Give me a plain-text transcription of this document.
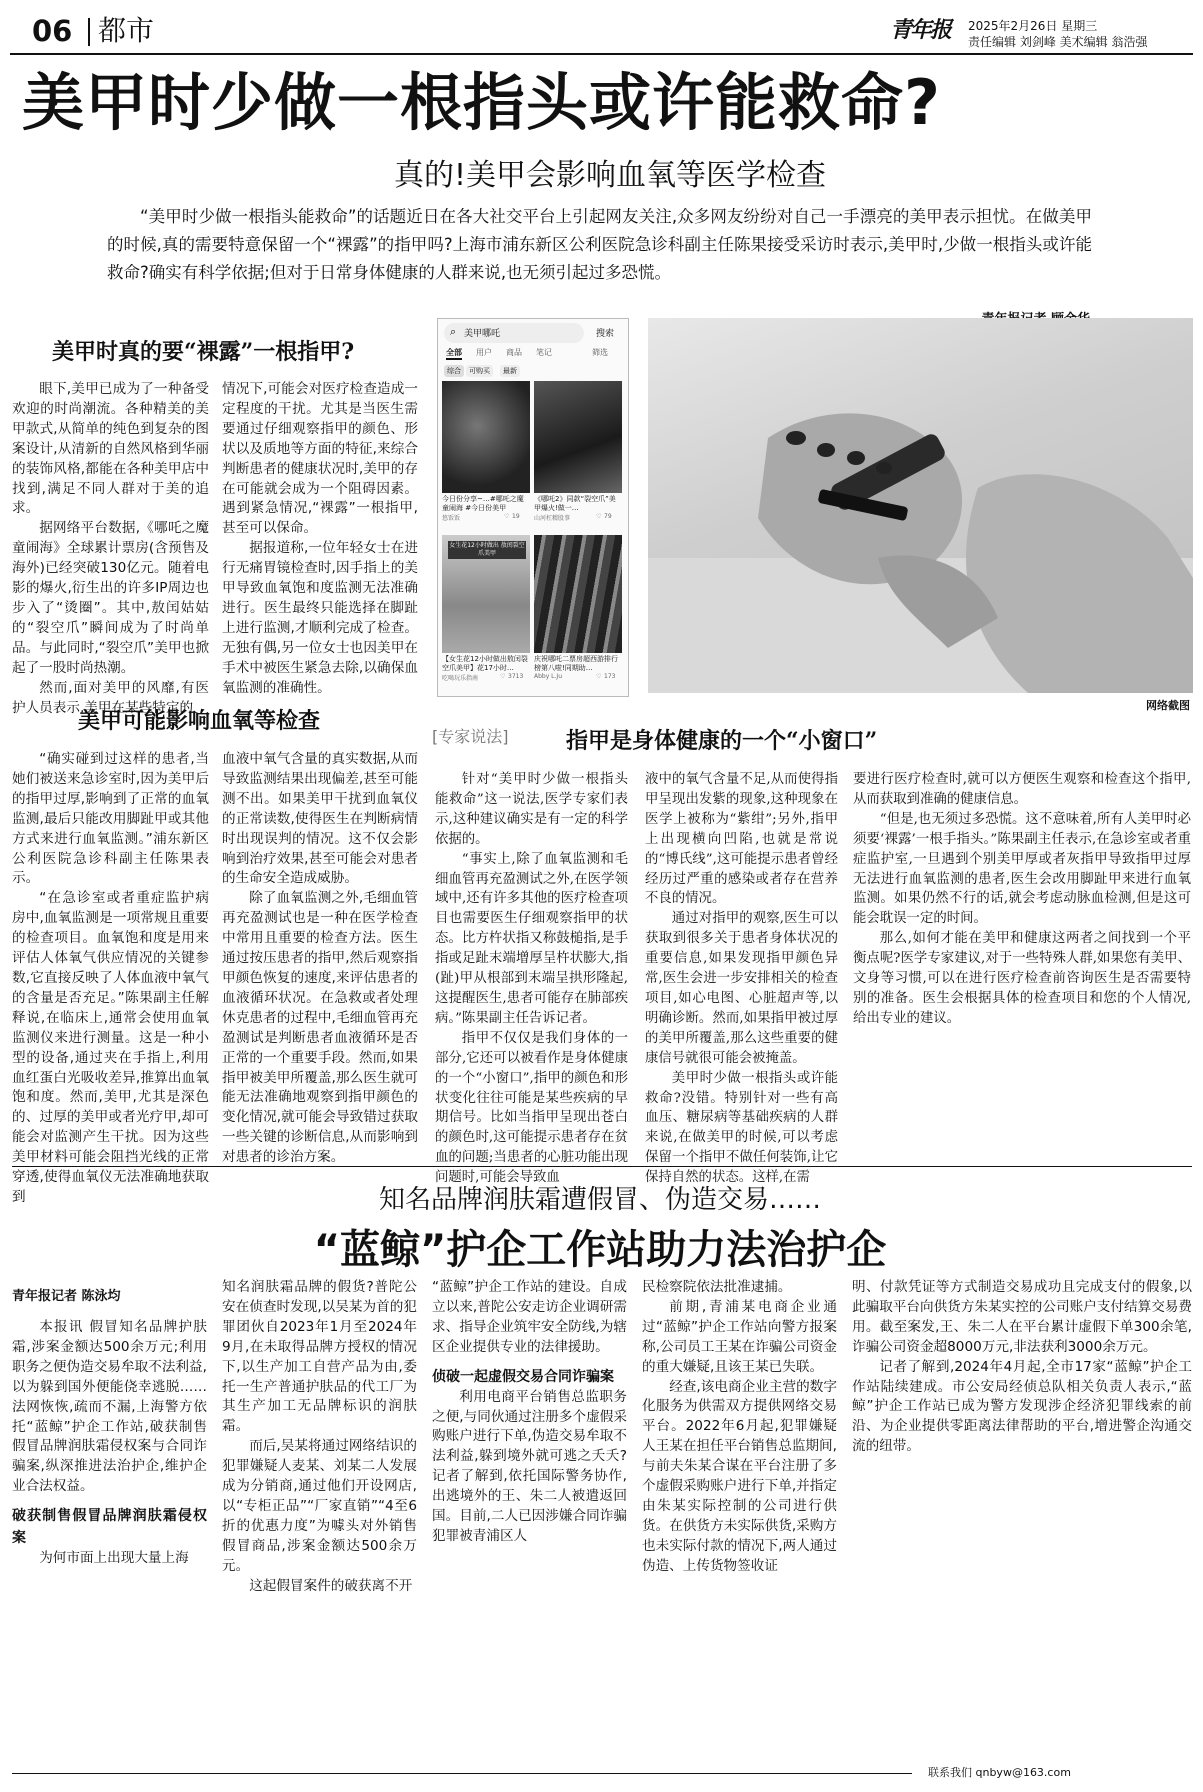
06 都市	青年报 2025年2月26日 星期三
责任编辑 刘剑峰 美术编辑 翁浩强
美甲时少做一根指头或许能救命?
真的!美甲会影响血氧等医学检查

“美甲时少做一根指头能救命”的话题近日在各大社交平台上引起网友关注,众多网友纷纷对自己一手漂亮的美甲表示担忧。在做美甲的时候,真的需要特意保留一个“裸露”的指甲吗?上海市浦东新区公利医院急诊科副主任陈果接受采访时表示,美甲时,少做一根指头或许能救命?确实有科学依据;但对于日常身体健康的人群来说,也无须引起过多恐慌。

美甲时真的要“裸露”一根指甲?

眼下,美甲已成为了一种备受欢迎的时尚潮流。各种精美的美甲款式,从简单的纯色到复杂的图案设计,从清新的自然风格到华丽的装饰风格,都能在各种美甲店中找到,满足不同人群对于美的追求。

据网络平台数据,《哪吒之魔童闹海》全球累计票房(含预售及海外)已经突破130亿元。随着电影的爆火,衍生出的许多IP周边也步入了“烫圈”。其中,敖闰姑姑的“裂空爪”瞬间成为了时尚单品。与此同时,“裂空爪”美甲也掀起了一股时尚热潮。

然而,面对美甲的风靡,有医护人员表示,美甲在某些特定的

情况下,可能会对医疗检查造成一定程度的干扰。尤其是当医生需要通过仔细观察指甲的颜色、形状以及质地等方面的特征,来综合判断患者的健康状况时,美甲的存在可能就会成为一个阻碍因素。遇到紧急情况,“裸露”一根指甲,甚至可以保命。

据报道称,一位年轻女士在进行无痛胃镜检查时,因手指上的美甲导致血氧饱和度监测无法准确进行。医生最终只能选择在脚趾上进行监测,才顺利完成了检查。无独有偶,另一位女士也因美甲在手术中被医生紧急去除,以确保血氧监测的准确性。

⌕ 美甲哪吒	搜索
全部 用户 商品 笔记	筛选
综合	可购买	最新
今日份分享~…#哪吒之魔童闹海 #今日份美甲
悠饭饭	♡ 19
《哪吒2》同款“裂空爪”美甲爆火!做一…
山河杠精股事	♡ 79
女生花12小时做出 敖闰裂空爪美甲
【女生花12小时做出敖闰裂空爪美甲】花17小时…
吃喝玩乐指南	♡ 3713
庆祝哪吒二票房超西游排行榜第八啦!同期助…
Abby L.Ju	♡ 173
网络截图
美甲可能影响血氧等检查

“确实碰到过这样的患者,当她们被送来急诊室时,因为美甲后的指甲过厚,影响到了正常的血氧监测,最后只能改用脚趾甲或其他方式来进行血氧监测。”浦东新区公利医院急诊科副主任陈果表示。

“在急诊室或者重症监护病房中,血氧监测是一项常规且重要的检查项目。血氧饱和度是用来评估人体氧气供应情况的关键参数,它直接反映了人体血液中氧气的含量是否充足。”陈果副主任解释说,在临床上,通常会使用血氧监测仪来进行测量。这是一种小型的设备,通过夹在手指上,利用血红蛋白光吸收差异,推算出血氧饱和度。然而,美甲,尤其是深色的、过厚的美甲或者光疗甲,却可能会对监测产生干扰。因为这些美甲材料可能会阻挡光线的正常穿透,使得血氧仪无法准确地获取到

血液中氧气含量的真实数据,从而导致监测结果出现偏差,甚至可能测不出。如果美甲干扰到血氧仪的正常读数,使得医生在判断病情时出现误判的情况。这不仅会影响到治疗效果,甚至可能会对患者的生命安全造成威胁。

除了血氧监测之外,毛细血管再充盈测试也是一种在医学检查中常用且重要的检查方法。医生通过按压患者的指甲,然后观察指甲颜色恢复的速度,来评估患者的血液循环状况。在急救或者处理休克患者的过程中,毛细血管再充盈测试是判断患者血液循环是否正常的一个重要手段。然而,如果指甲被美甲所覆盖,那么医生就可能无法准确地观察到指甲颜色的变化情况,就可能会导致错过获取一些关键的诊断信息,从而影响到对患者的诊治方案。

[专家说法]	指甲是身体健康的一个“小窗口”

针对“美甲时少做一根指头能救命”这一说法,医学专家们表示,这种建议确实是有一定的科学依据的。

“事实上,除了血氧监测和毛细血管再充盈测试之外,在医学领域中,还有许多其他的医疗检查项目也需要医生仔细观察指甲的状态。比方杵状指又称鼓槌指,是手指或足趾末端增厚呈杵状膨大,指(趾)甲从根部到末端呈拱形隆起,这提醒医生,患者可能存在肺部疾病。”陈果副主任告诉记者。

指甲不仅仅是我们身体的一部分,它还可以被看作是身体健康的一个“小窗口”,指甲的颜色和形状变化往往可能是某些疾病的早期信号。比如当指甲呈现出苍白的颜色时,这可能提示患者存在贫血的问题;当患者的心脏功能出现问题时,可能会导致血

液中的氧气含量不足,从而使得指甲呈现出发紫的现象,这种现象在医学上被称为“紫绀”;另外,指甲上出现横向凹陷,也就是常说的“博氏线”,这可能提示患者曾经经历过严重的感染或者存在营养不良的情况。

通过对指甲的观察,医生可以获取到很多关于患者身体状况的重要信息,如果发现指甲颜色异常,医生会进一步安排相关的检查项目,如心电图、心脏超声等,以明确诊断。然而,如果指甲被过厚的美甲所覆盖,那么这些重要的健康信号就很可能会被掩盖。

美甲时少做一根指头或许能救命?没错。特别针对一些有高血压、糖尿病等基础疾病的人群来说,在做美甲的时候,可以考虑保留一个指甲不做任何装饰,让它保持自然的状态。这样,在需

要进行医疗检查时,就可以方便医生观察和检查这个指甲,从而获取到准确的健康信息。

“但是,也无须过多恐慌。这不意味着,所有人美甲时必须要‘裸露’一根手指头。”陈果副主任表示,在急诊室或者重症监护室,一旦遇到个别美甲厚或者灰指甲导致指甲过厚无法进行血氧监测的患者,医生会改用脚趾甲来进行血氧监测。如果仍然不行的话,就会考虑动脉血检测,但是这可能会耽误一定的时间。

那么,如何才能在美甲和健康这两者之间找到一个平衡点呢?医学专家建议,对于一些特殊人群,如果您有美甲、文身等习惯,可以在进行医疗检查前咨询医生是否需要特别的准备。医生会根据具体的检查项目和您的个人情况,给出专业的建议。

知名品牌润肤霜遭假冒、伪造交易……
“蓝鲸”护企工作站助力法治护企
青年报记者 陈泳均

本报讯 假冒知名品牌护肤霜,涉案金额达500余万元;利用职务之便伪造交易牟取不法利益,以为躲到国外便能侥幸逃脱……法网恢恢,疏而不漏,上海警方依托“蓝鲸”护企工作站,破获制售假冒品牌润肤霜侵权案与合同诈骗案,纵深推进法治护企,维护企业合法权益。

破获制售假冒品牌润肤霜侵权案

为何市面上出现大量上海

知名润肤霜品牌的假货?普陀公安在侦查时发现,以吴某为首的犯罪团伙自2023年1月至2024年9月,在未取得品牌方授权的情况下,以生产加工自营产品为由,委托一生产普通护肤品的代工厂为其生产加工无品牌标识的润肤霜。

而后,吴某将通过网络结识的犯罪嫌疑人麦某、刘某二人发展成为分销商,通过他们开设网店,以“专柜正品”“厂家直销”“4至6折的优惠力度”为噱头对外销售假冒商品,涉案金额达500余万元。

这起假冒案件的破获离不开

“蓝鲸”护企工作站的建设。自成立以来,普陀公安走访企业调研需求、指导企业筑牢安全防线,为辖区企业提供专业的法律援助。

侦破一起虚假交易合同诈骗案

利用电商平台销售总监职务之便,与同伙通过注册多个虚假采购账户进行下单,伪造交易牟取不法利益,躲到境外就可逃之夭夭?记者了解到,依托国际警务协作,出逃境外的王、朱二人被遣返回国。目前,二人已因涉嫌合同诈骗犯罪被青浦区人

民检察院依法批准逮捕。

前期,青浦某电商企业通过“蓝鲸”护企工作站向警方报案称,公司员工王某在诈骗公司资金的重大嫌疑,且该王某已失联。

经查,该电商企业主营的数字化服务为供需双方提供网络交易平台。2022年6月起,犯罪嫌疑人王某在担任平台销售总监期间,与前夫朱某合谋在平台注册了多个虚假采购账户进行下单,并指定由朱某实际控制的公司进行供货。在供货方未实际供货,采购方也未实际付款的情况下,两人通过伪造、上传货物签收证

明、付款凭证等方式制造交易成功且完成支付的假象,以此骗取平台向供货方朱某实控的公司账户支付结算交易费用。截至案发,王、朱二人在平台累计虚假下单300余笔,诈骗公司资金超8000万元,非法获利3000余万元。

记者了解到,2024年4月起,全市17家“蓝鲸”护企工作站陆续建成。市公安局经侦总队相关负责人表示,“蓝鲸”护企工作站已成为警方发现涉企经济犯罪线索的前沿、为企业提供零距离法律帮助的平台,增进警企沟通交流的纽带。

联系我们 qnbyw@163.com
